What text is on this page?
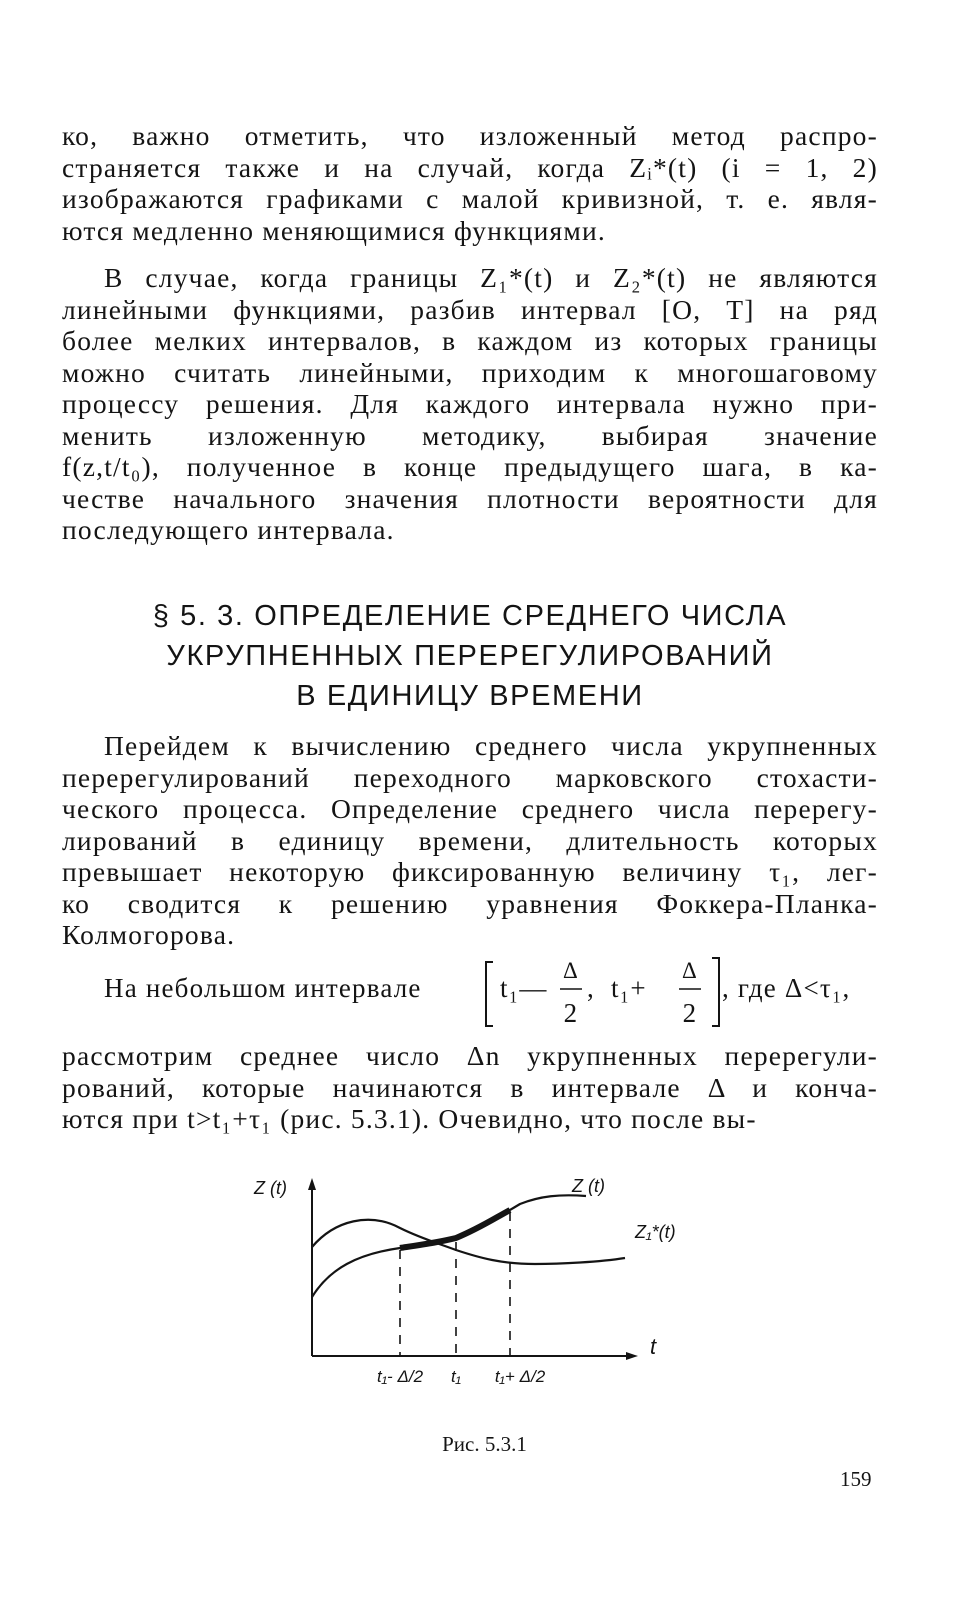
ко, важно отметить, что изложенный метод распро-
страняется также и на случай, когда Zᵢ*(t) (i = 1, 2)
изображаются графиками с малой кривизной, т. е. явля-
ются медленно меняющимися функциями.
В случае, когда границы Z₁*(t) и Z₂*(t) не являются
линейными функциями, разбив интервал [О, Т] на ряд
более мелких интервалов, в каждом из которых границы
можно считать линейными, приходим к многошаговому
процессу решения. Для каждого интервала нужно при-
менить изложенную методику, выбирая значение
f(z,t/t₀), полученное в конце предыдущего шага, в ка-
честве начального значения плотности вероятности для
последующего интервала.
§ 5. 3. ОПРЕДЕЛЕНИЕ СРЕДНЕГО ЧИСЛА
УКРУПНЕННЫХ ПЕРЕРЕГУЛИРОВАНИЙ
В ЕДИНИЦУ ВРЕМЕНИ
Перейдем к вычислению среднего числа укрупненных
перерегулирований переходного марковского стохасти-
ческого процесса. Определение среднего числа перерегу-
лирований в единицу времени, длительность которых
превышает некоторую фиксированную величину τ₁, лег-
ко сводится к решению уравнения Фоккера-Планка-
Колмогорова.
На небольшом интервале	t₁—
Δ
2
, t₁+
Δ
2
, где Δ<τ₁,
рассмотрим среднее число Δn укрупненных перерегули-
рований, которые начинаются в интервале Δ и конча-
ются при t>t₁+τ₁ (рис. 5.3.1). Очевидно, что после вы-
Z (t)	Z (t)
Z₁*(t)
t
t₁- Δ/2 t₁ t₁+ Δ/2
Рис. 5.3.1
159
